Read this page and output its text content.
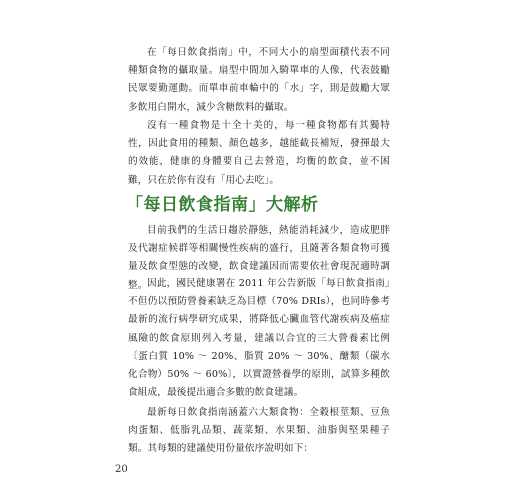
在「每日飲食指南」中，不同大小的扇型面積代表不同種類食物的攝取量。扇型中間加入騎單車的人像，代表鼓勵民眾要勤運動。而單車前車輪中的「水」字，則是鼓勵大眾多飲用白開水，減少含糖飲料的攝取。

沒有一種食物是十全十美的，每一種食物都有其獨特性，因此食用的種類、顏色越多，越能截長補短，發揮最大的效能，健康的身體要自己去營造，均衡的飲食，並不困難，只在於你有沒有「用心去吃」。

「每日飲食指南」大解析

目前我們的生活日趨於靜態，熱能消耗減少，造成肥胖及代謝症候群等相關慢性疾病的盛行，且隨著各類食物可獲量及飲食型態的改變，飲食建議因而需要依社會現況適時調整。 因此，國民健康署在 2011 年公告新版「每日飲食指南」不但仍以預防營養素缺乏為目標（70% DRIs），也同時參考最新的流行病學研究成果，將降低心臟血管代謝疾病及癌症風險的飲食原則列入考量，建議以合宜的三大營養素比例〔蛋白質 10% ～ 20%、脂質 20% ～ 30%、醣類（碳水化合物）50% ～ 60%〕，以實證營養學的原則，試算多種飲食組成，最後提出適合多數的飲食建議。

最新每日飲食指南涵蓋六大類食物：全穀根莖類、豆魚肉蛋類、低脂乳品類、蔬菜類、水果類、油脂與堅果種子類。其每類的建議使用份量依序說明如下：

20
